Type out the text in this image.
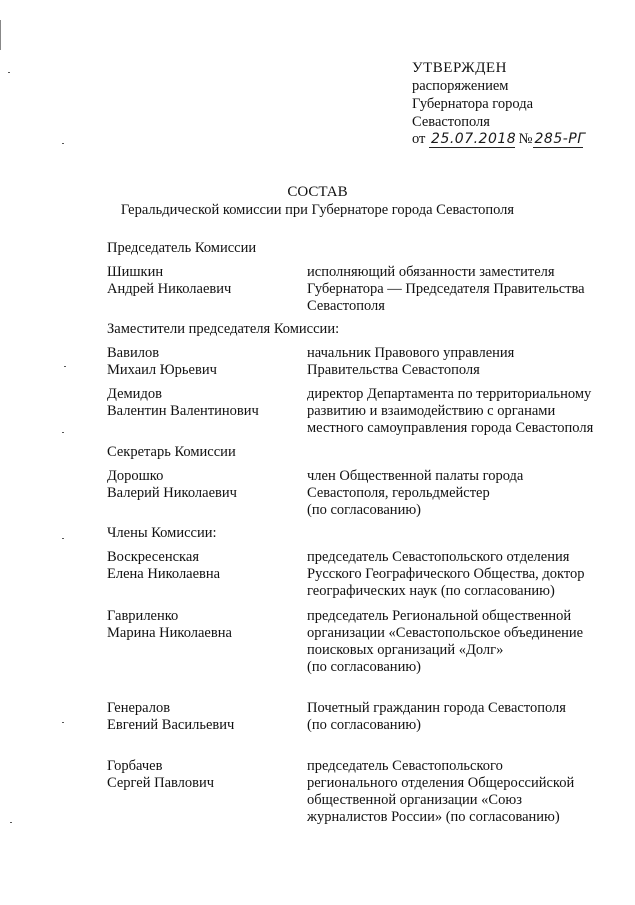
УТВЕРЖДЕН
распоряжением
Губернатора города
Севастополя
от 25.07.2018 № 285-РГ
СОСТАВ
Геральдической комиссии при Губернаторе города Севастополя
Председатель Комиссии
Шишкин
Андрей Николаевич
исполняющий обязанности заместителя
Губернатора — Председателя Правительства
Севастополя
Заместители председателя Комиссии:
Вавилов
Михаил Юрьевич
начальник Правового управления
Правительства Севастополя
Демидов
Валентин Валентинович
директор Департамента по территориальному
развитию и взаимодействию с органами
местного самоуправления города Севастополя
Секретарь Комиссии
Дорошко
Валерий Николаевич
член Общественной палаты города
Севастополя, герольдмейстер
(по согласованию)
Члены Комиссии:
Воскресенская
Елена Николаевна
председатель Севастопольского отделения
Русского Географического Общества, доктор
географических наук (по согласованию)
Гавриленко
Марина Николаевна
председатель Региональной общественной
организации «Севастопольское объединение
поисковых организаций «Долг»
(по согласованию)
Генералов
Евгений Васильевич
Почетный гражданин города Севастополя
(по согласованию)
Горбачев
Сергей Павлович
председатель Севастопольского
регионального отделения Общероссийской
общественной организации «Союз
журналистов России» (по согласованию)
